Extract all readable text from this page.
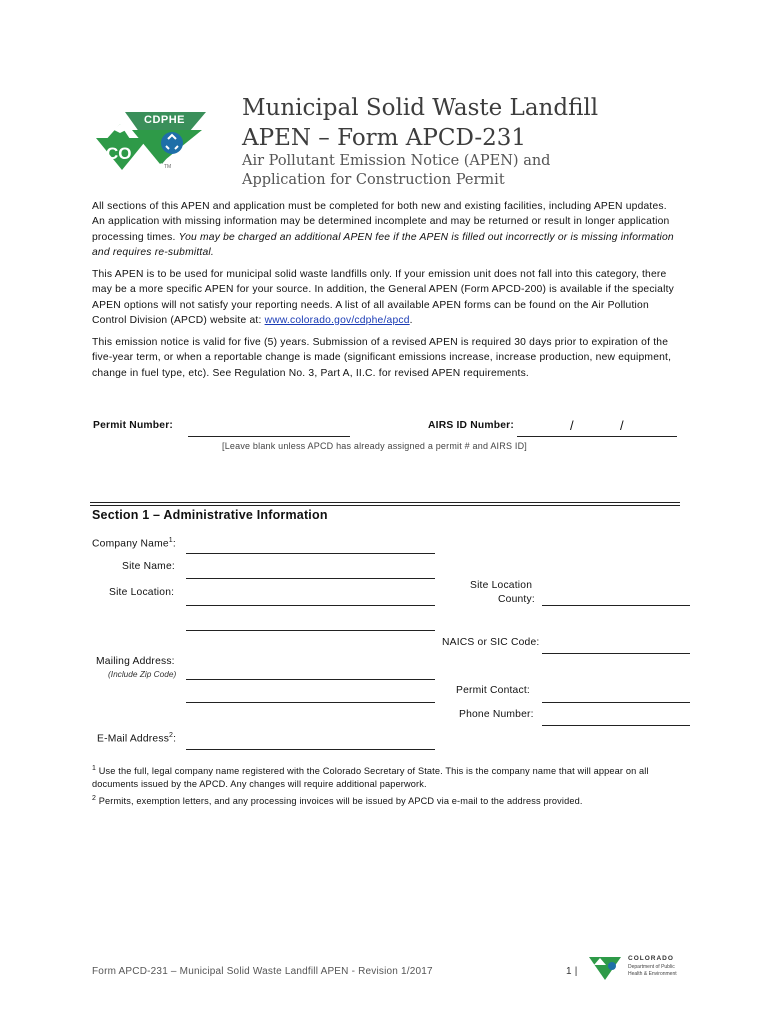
CDPHE
CO
TM
Municipal Solid Waste Landfill
APEN – Form APCD-231
Air Pollutant Emission Notice (APEN) and
Application for Construction Permit
All sections of this APEN and application must be completed for both new and existing facilities, including APEN updates. An application with missing information may be determined incomplete and may be returned or result in longer application processing times. You may be charged an additional APEN fee if the APEN is filled out incorrectly or is missing information and requires re-submittal.
This APEN is to be used for municipal solid waste landfills only. If your emission unit does not fall into this category, there may be a more specific APEN for your source. In addition, the General APEN (Form APCD-200) is available if the specialty APEN options will not satisfy your reporting needs. A list of all available APEN forms can be found on the Air Pollution Control Division (APCD) website at: www.colorado.gov/cdphe/apcd.
This emission notice is valid for five (5) years. Submission of a revised APEN is required 30 days prior to expiration of the five-year term, or when a reportable change is made (significant emissions increase, increase production, new equipment, change in fuel type, etc). See Regulation No. 3, Part A, II.C. for revised APEN requirements.
Permit Number:	AIRS ID Number:	/	/
[Leave blank unless APCD has already assigned a permit # and AIRS ID]
Section 1 – Administrative Information
Company Name$^1$:
Site Name:
Site Location:
Mailing Address:
(Include Zip Code)
E-Mail Address$^2$:
Site Location
County:
NAICS or SIC Code:
Permit Contact:
Phone Number:
$^1$ Use the full, legal company name registered with the Colorado Secretary of State. This is the company name that will appear on all documents issued by the APCD. Any changes will require additional paperwork.
$^2$ Permits, exemption letters, and any processing invoices will be issued by APCD via e-mail to the address provided.
Form APCD-231 – Municipal Solid Waste Landfill APEN - Revision 1/2017	1 |
COLORADO
Department of Public
Health & Environment
